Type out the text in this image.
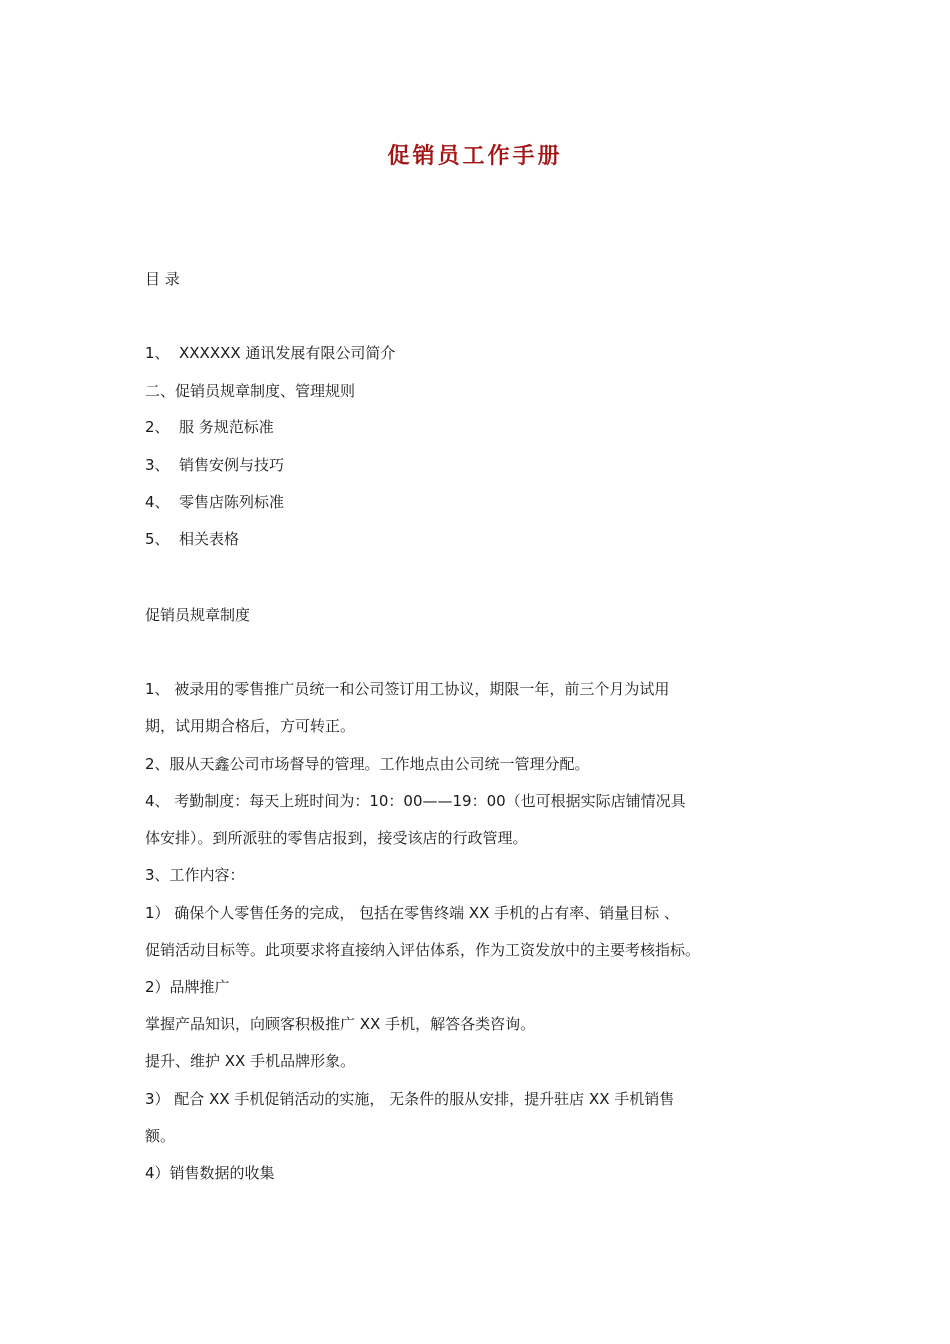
促销员工作手册
目 录
1、 XXXXXX 通讯发展有限公司简介
二、促销员规章制度、管理规则
2、 服 务规范标准
3、 销售安例与技巧
4、 零售店陈列标准
5、 相关表格
促销员规章制度
1、 被录用的零售推广员统一和公司签订用工协议，期限一年，前三个月为试用
期，试用期合格后，方可转正。
2、服从天鑫公司市场督导的管理。工作地点由公司统一管理分配。
4、 考勤制度：每天上班时间为：10：00——19：00（也可根据实际店铺情况具
体安排）。到所派驻的零售店报到，接受该店的行政管理。
3、工作内容：
1） 确保个人零售任务的完成， 包括在零售终端 XX 手机的占有率、销量目标 、
促销活动目标等。此项要求将直接纳入评估体系，作为工资发放中的主要考核指标。
2）品牌推广
掌握产品知识，向顾客积极推广 XX 手机，解答各类咨询。
提升、维护 XX 手机品牌形象。
3） 配合 XX 手机促销活动的实施， 无条件的服从安排，提升驻店 XX 手机销售
额。
4）销售数据的收集
